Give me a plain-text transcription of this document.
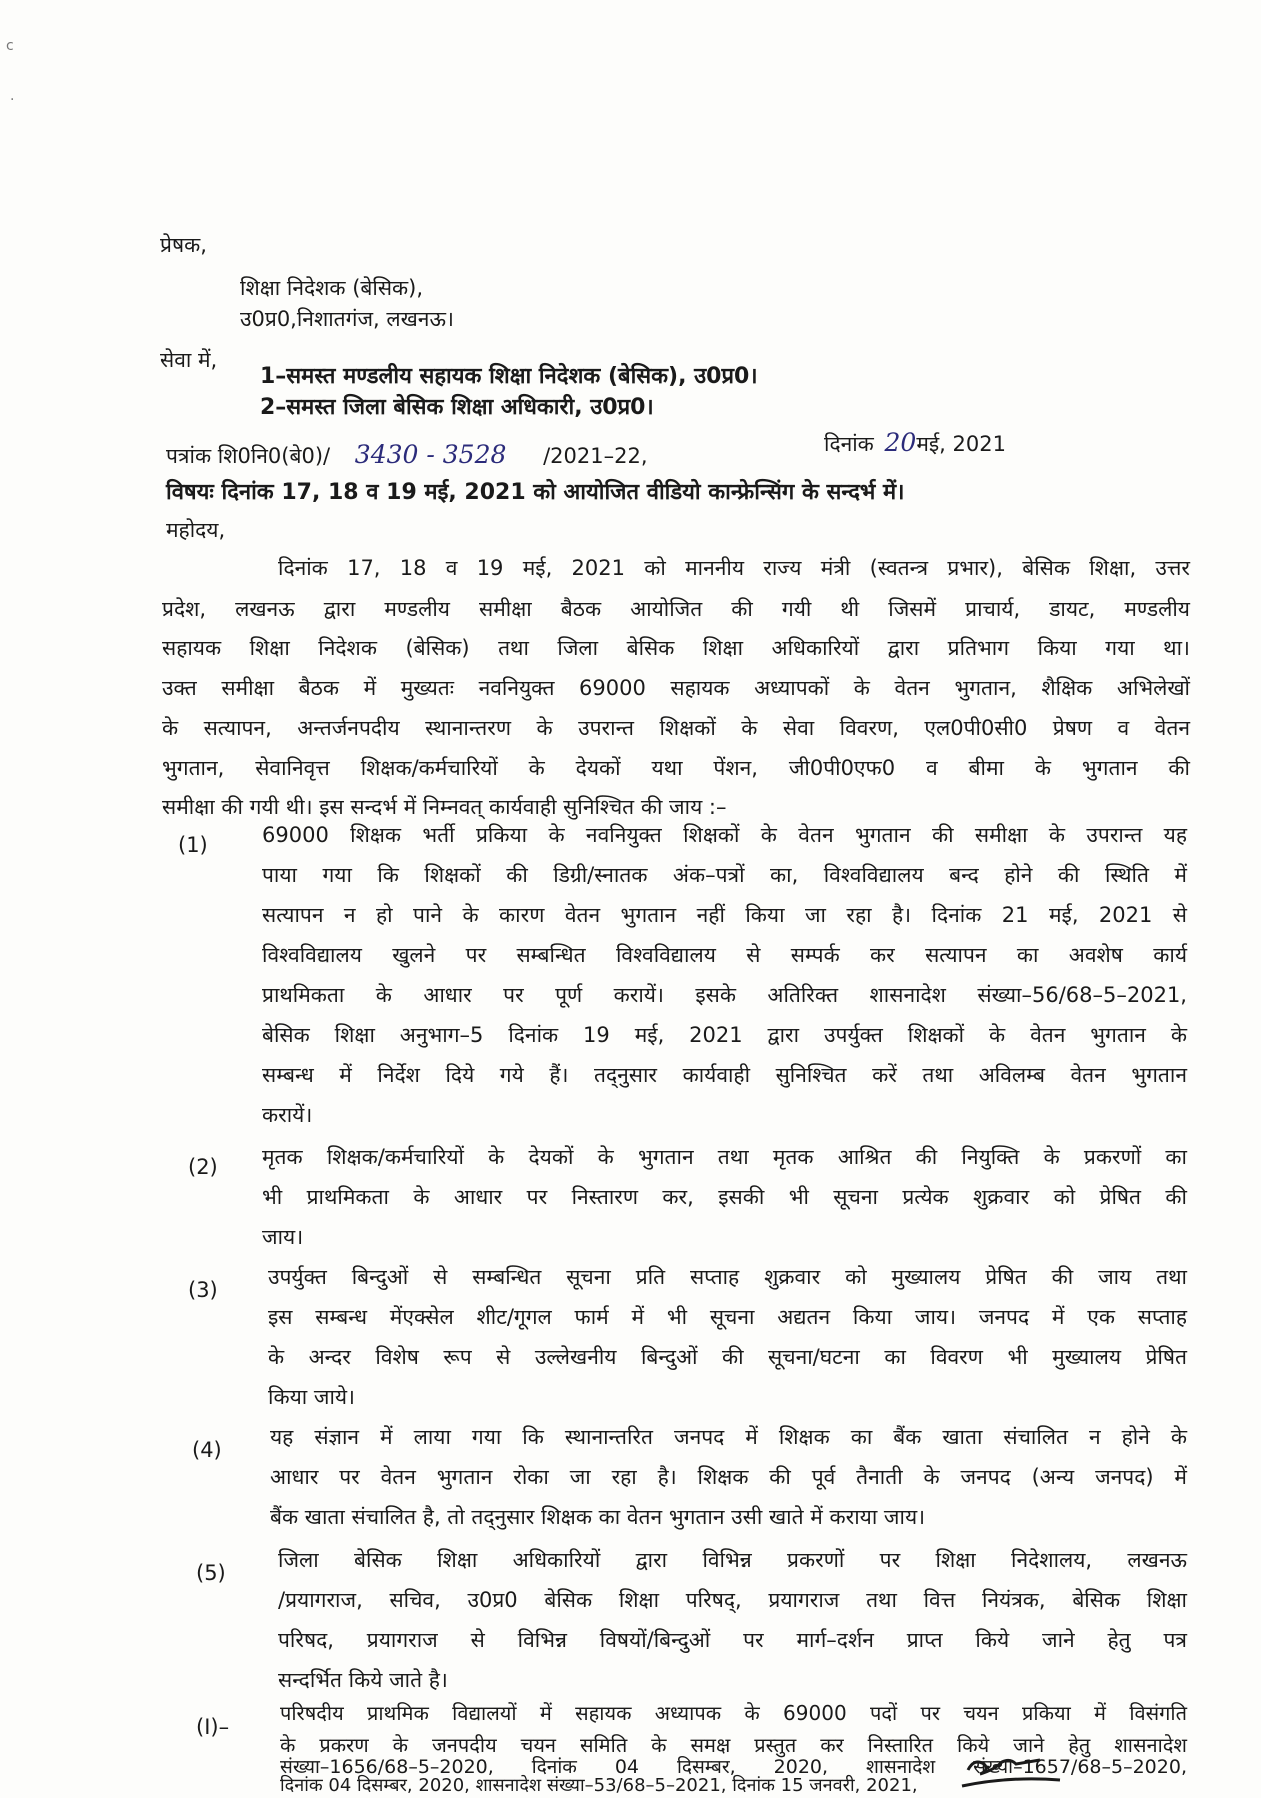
c
.
प्रेषक,
शिक्षा निदेशक (बेसिक),
उ0प्र0,निशातगंज, लखनऊ।
सेवा में,
1–समस्त मण्डलीय सहायक शिक्षा निदेशक (बेसिक), उ0प्र0।
2–समस्त जिला बेसिक शिक्षा अधिकारी, उ0प्र0।
पत्रांक शि0नि0(बे0)/ 3430 - 3528 /2021–22,	दिनांक 20मई, 2021
विषयः दिनांक 17, 18 व 19 मई, 2021 को आयोजित वीडियो कान्फ्रेन्सिंग के सन्दर्भ में।
महोदय,
दिनांक 17, 18 व 19 मई, 2021 को माननीय राज्य मंत्री (स्वतन्त्र प्रभार), बेसिक शिक्षा, उत्तर
प्रदेश, लखनऊ द्वारा मण्डलीय समीक्षा बैठक आयोजित की गयी थी जिसमें प्राचार्य, डायट, मण्डलीय
सहायक शिक्षा निदेशक (बेसिक) तथा जिला बेसिक शिक्षा अधिकारियों द्वारा प्रतिभाग किया गया था।
उक्त समीक्षा बैठक में मुख्यतः नवनियुक्त 69000 सहायक अध्यापकों के वेतन भुगतान, शैक्षिक अभिलेखों
के सत्यापन, अन्तर्जनपदीय स्थानान्तरण के उपरान्त शिक्षकों के सेवा विवरण, एल0पी0सी0 प्रेषण व वेतन
भुगतान, सेवानिवृत्त शिक्षक/कर्मचारियों के देयकों यथा पेंशन, जी0पी0एफ0 व बीमा के भुगतान की
समीक्षा की गयी थी। इस सन्दर्भ में निम्नवत् कार्यवाही सुनिश्चित की जाय :–
(1)	69000 शिक्षक भर्ती प्रकिया के नवनियुक्त शिक्षकों के वेतन भुगतान की समीक्षा के उपरान्त यह
पाया गया कि शिक्षकों की डिग्री/स्नातक अंक–पत्रों का, विश्वविद्यालय बन्द होने की स्थिति में
सत्यापन न हो पाने के कारण वेतन भुगतान नहीं किया जा रहा है। दिनांक 21 मई, 2021 से
विश्वविद्यालय खुलने पर सम्बन्धित विश्वविद्यालय से सम्पर्क कर सत्यापन का अवशेष कार्य
प्राथमिकता के आधार पर पूर्ण करायें। इसके अतिरिक्त शासनादेश संख्या–56/68–5–2021,
बेसिक शिक्षा अनुभाग–5 दिनांक 19 मई, 2021 द्वारा उपर्युक्त शिक्षकों के वेतन भुगतान के
सम्बन्ध में निर्देश दिये गये हैं। तद्नुसार कार्यवाही सुनिश्चित करें तथा अविलम्ब वेतन भुगतान
करायें।
(2) मृतक शिक्षक/कर्मचारियों के देयकों के भुगतान तथा मृतक आश्रित की नियुक्ति के प्रकरणों का
भी प्राथमिकता के आधार पर निस्तारण कर, इसकी भी सूचना प्रत्येक शुक्रवार को प्रेषित की
जाय।
(3)
उपर्युक्त बिन्दुओं से सम्बन्धित सूचना प्रति सप्ताह शुक्रवार को मुख्यालय प्रेषित की जाय तथा
इस सम्बन्ध मेंएक्सेल शीट/गूगल फार्म में भी सूचना अद्यतन किया जाय। जनपद में एक सप्ताह
के अन्दर विशेष रूप से उल्लेखनीय बिन्दुओं की सूचना/घटना का विवरण भी मुख्यालय प्रेषित
किया जाये।
(4)
यह संज्ञान में लाया गया कि स्थानान्तरित जनपद में शिक्षक का बैंक खाता संचालित न होने के
आधार पर वेतन भुगतान रोका जा रहा है। शिक्षक की पूर्व तैनाती के जनपद (अन्य जनपद) में
बैंक खाता संचालित है, तो तद्नुसार शिक्षक का वेतन भुगतान उसी खाते में कराया जाय।
(5)
जिला बेसिक शिक्षा अधिकारियों द्वारा विभिन्न प्रकरणों पर शिक्षा निदेशालय, लखनऊ
/प्रयागराज, सचिव, उ0प्र0 बेसिक शिक्षा परिषद्, प्रयागराज तथा वित्त नियंत्रक, बेसिक शिक्षा
परिषद, प्रयागराज से विभिन्न विषयों/बिन्दुओं पर मार्ग–दर्शन प्राप्त किये जाने हेतु पत्र
सन्दर्भित किये जाते है।
(I)–
परिषदीय प्राथमिक विद्यालयों में सहायक अध्यापक के 69000 पदों पर चयन प्रकिया में विसंगति
के प्रकरण के जनपदीय चयन समिति के समक्ष प्रस्तुत कर निस्तारित किये जाने हेतु शासनादेश
संख्या–1656/68–5–2020, दिनांक 04 दिसम्बर, 2020, शासनादेश संख्या–1657/68–5–2020,
दिनांक 04 दिसम्बर, 2020, शासनादेश संख्या–53/68–5–2021, दिनांक 15 जनवरी, 2021,
